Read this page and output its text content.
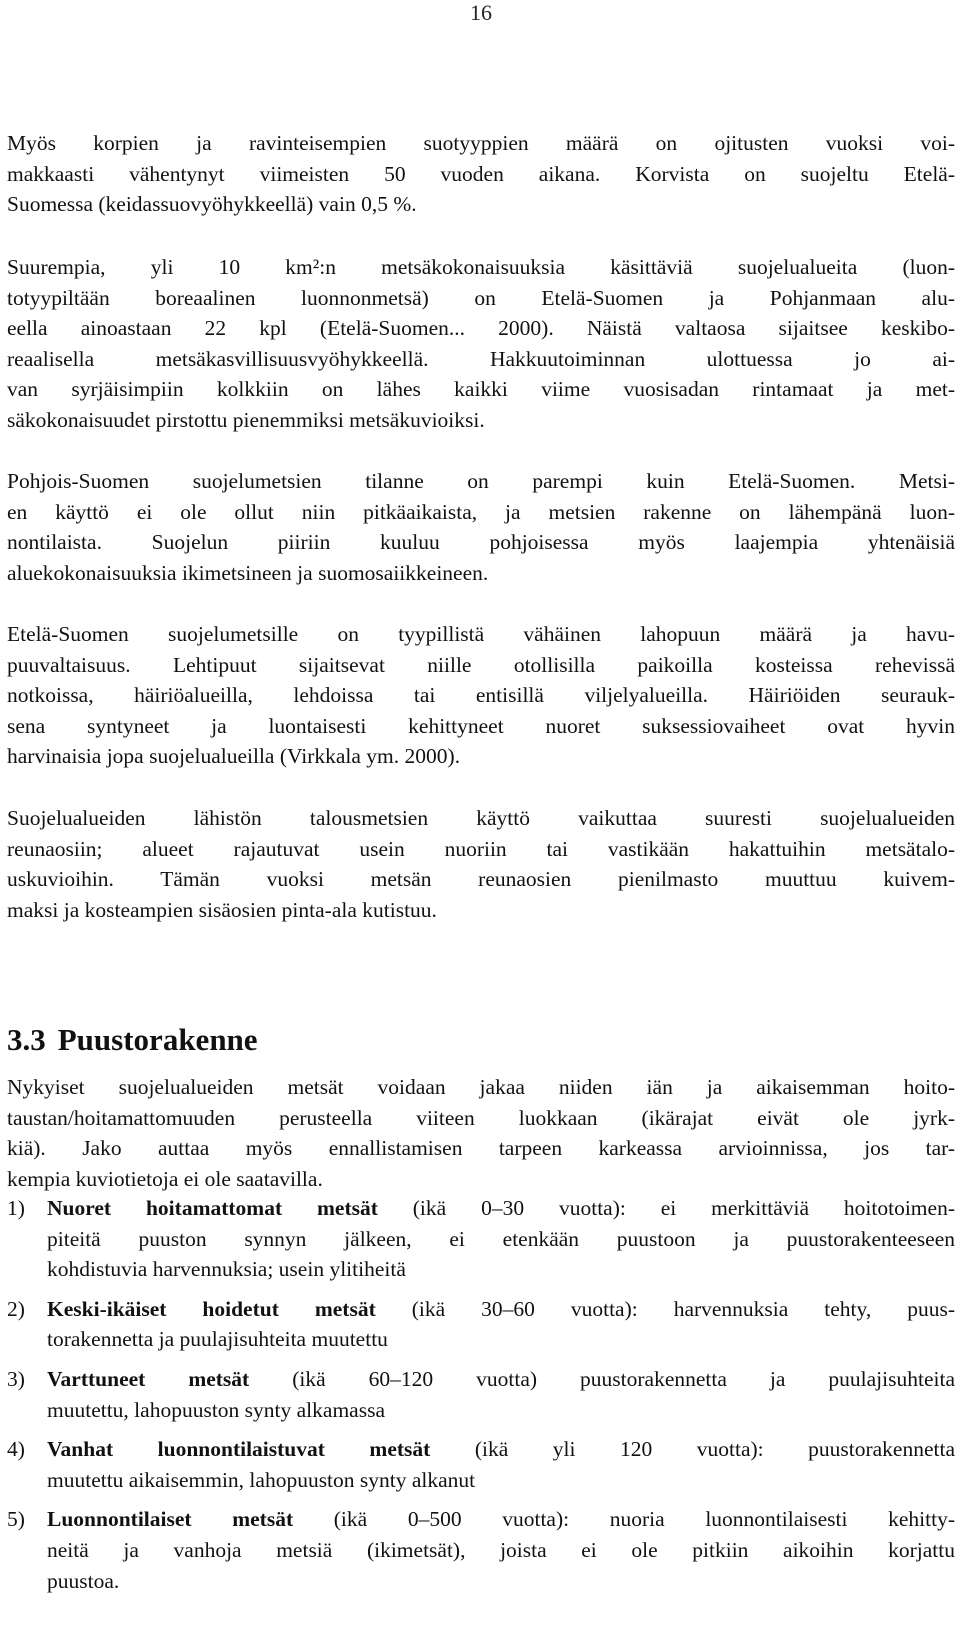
16

Myös korpien ja ravinteisempien suotyyppien määrä on ojitusten vuoksi voi-
makkaasti vähentynyt viimeisten 50 vuoden aikana. Korvista on suojeltu Etelä-
Suomessa (keidassuovyöhykkeellä) vain 0,5 %.

Suurempia, yli 10 km²:n metsäkokonaisuuksia käsittäviä suojelualueita (luon-
totyypiltään boreaalinen luonnonmetsä) on Etelä-Suomen ja Pohjanmaan alu-
eella ainoastaan 22 kpl (Etelä-Suomen... 2000). Näistä valtaosa sijaitsee keskibo-
reaalisella metsäkasvillisuusvyöhykkeellä. Hakkuutoiminnan ulottuessa jo ai-
van syrjäisimpiin kolkkiin on lähes kaikki viime vuosisadan rintamaat ja met-
säkokonaisuudet pirstottu pienemmiksi metsäkuvioiksi.

Pohjois-Suomen suojelumetsien tilanne on parempi kuin Etelä-Suomen. Metsi-
en käyttö ei ole ollut niin pitkäaikaista, ja metsien rakenne on lähempänä luon-
nontilaista. Suojelun piiriin kuuluu pohjoisessa myös laajempia yhtenäisiä
aluekokonaisuuksia ikimetsineen ja suomosaiikkeineen.

Etelä-Suomen suojelumetsille on tyypillistä vähäinen lahopuun määrä ja havu-
puuvaltaisuus. Lehtipuut sijaitsevat niille otollisilla paikoilla kosteissa rehevissä
notkoissa, häiriöalueilla, lehdoissa tai entisillä viljelyalueilla. Häiriöiden seurauk-
sena syntyneet ja luontaisesti kehittyneet nuoret suksessiovaiheet ovat hyvin
harvinaisia jopa suojelualueilla (Virkkala ym. 2000).

Suojelualueiden lähistön talousmetsien käyttö vaikuttaa suuresti suojelualueiden
reunaosiin; alueet rajautuvat usein nuoriin tai vastikään hakattuihin metsätalo-
uskuvioihin. Tämän vuoksi metsän reunaosien pienilmasto muuttuu kuivem-
maksi ja kosteampien sisäosien pinta-ala kutistuu.

3.3 Puustorakenne

Nykyiset suojelualueiden metsät voidaan jakaa niiden iän ja aikaisemman hoito-
taustan/hoitamattomuuden perusteella viiteen luokkaan (ikärajat eivät ole jyrk-
kiä). Jako auttaa myös ennallistamisen tarpeen karkeassa arvioinnissa, jos tar-
kempia kuviotietoja ei ole saatavilla.

1) Nuoret hoitamattomat metsät (ikä 0–30 vuotta): ei merkittäviä hoitotoimen-
piteitä puuston synnyn jälkeen, ei etenkään puustoon ja puustorakenteeseen
kohdistuvia harvennuksia; usein ylitiheitä
2) Keski-ikäiset hoidetut metsät (ikä 30–60 vuotta): harvennuksia tehty, puus-
torakennetta ja puulajisuhteita muutettu
3) Varttuneet metsät (ikä 60–120 vuotta) puustorakennetta ja puulajisuhteita
muutettu, lahopuuston synty alkamassa
4) Vanhat luonnontilaistuvat metsät (ikä yli 120 vuotta): puustorakennetta
muutettu aikaisemmin, lahopuuston synty alkanut
5) Luonnontilaiset metsät (ikä 0–500 vuotta): nuoria luonnontilaisesti kehitty-
neitä ja vanhoja metsiä (ikimetsät), joista ei ole pitkiin aikoihin korjattu
puustoa.
